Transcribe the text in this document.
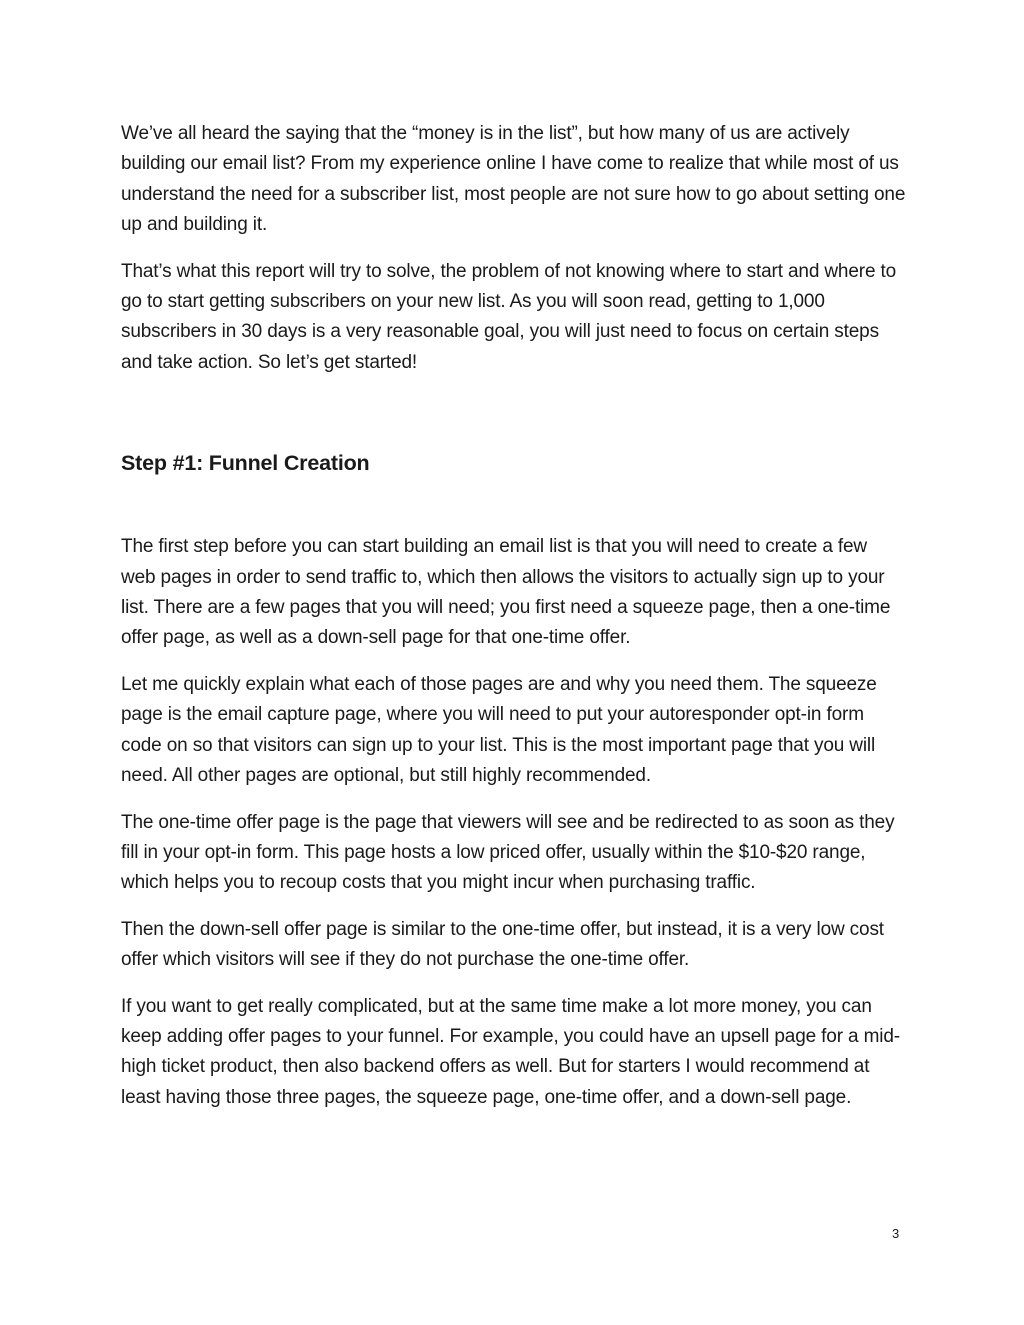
We’ve all heard the saying that the “money is in the list”, but how many of us are actively building our email list? From my experience online I have come to realize that while most of us understand the need for a subscriber list, most people are not sure how to go about setting one up and building it.

That’s what this report will try to solve, the problem of not knowing where to start and where to go to start getting subscribers on your new list. As you will soon read, getting to 1,000 subscribers in 30 days is a very reasonable goal, you will just need to focus on certain steps and take action. So let’s get started!

Step #1: Funnel Creation

The first step before you can start building an email list is that you will need to create a few web pages in order to send traffic to, which then allows the visitors to actually sign up to your list. There are a few pages that you will need; you first need a squeeze page, then a one-time offer page, as well as a down-sell page for that one-time offer.

Let me quickly explain what each of those pages are and why you need them. The squeeze page is the email capture page, where you will need to put your autoresponder opt-in form code on so that visitors can sign up to your list. This is the most important page that you will need. All other pages are optional, but still highly recommended.

The one-time offer page is the page that viewers will see and be redirected to as soon as they fill in your opt-in form. This page hosts a low priced offer, usually within the $10-$20 range, which helps you to recoup costs that you might incur when purchasing traffic.

Then the down-sell offer page is similar to the one-time offer, but instead, it is a very low cost offer which visitors will see if they do not purchase the one-time offer.

If you want to get really complicated, but at the same time make a lot more money, you can keep adding offer pages to your funnel. For example, you could have an upsell page for a mid-high ticket product, then also backend offers as well. But for starters I would recommend at least having those three pages, the squeeze page, one-time offer, and a down-sell page.

3
